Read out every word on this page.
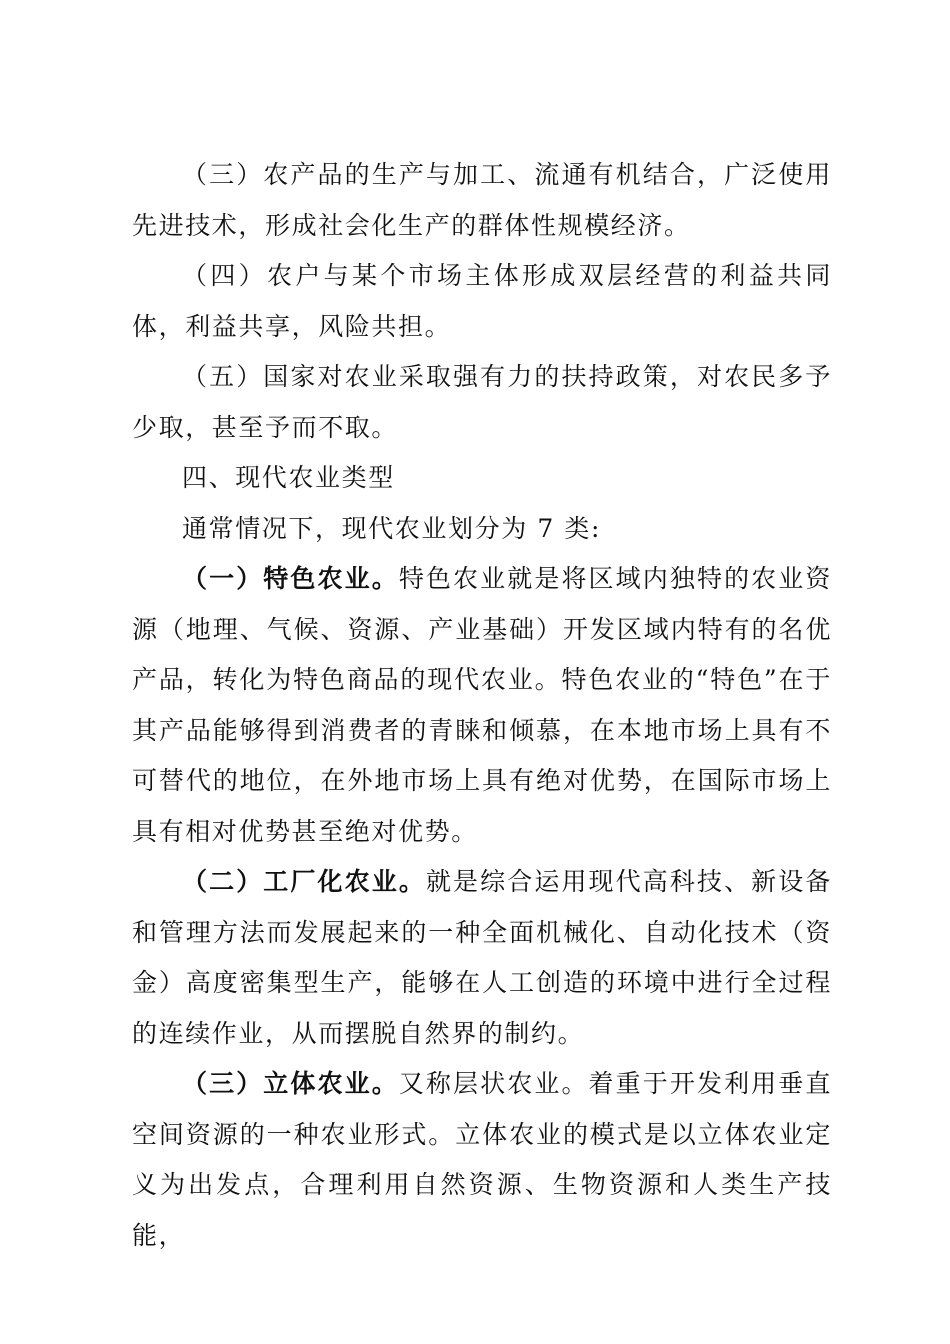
（三）农产品的生产与加工、流通有机结合，广泛使用先进技术，形成社会化生产的群体性规模经济。

（四）农户与某个市场主体形成双层经营的利益共同体，利益共享，风险共担。

（五）国家对农业采取强有力的扶持政策，对农民多予少取，甚至予而不取。

四、现代农业类型

通常情况下，现代农业划分为 7 类:

（一）特色农业。特色农业就是将区域内独特的农业资源（地理、气候、资源、产业基础）开发区域内特有的名优产品，转化为特色商品的现代农业。特色农业的“特色”在于其产品能够得到消费者的青睐和倾慕，在本地市场上具有不可替代的地位，在外地市场上具有绝对优势，在国际市场上具有相对优势甚至绝对优势。

（二）工厂化农业。就是综合运用现代高科技、新设备和管理方法而发展起来的一种全面机械化、自动化技术（资金）高度密集型生产，能够在人工创造的环境中进行全过程的连续作业，从而摆脱自然界的制约。

（三）立体农业。又称层状农业。着重于开发利用垂直空间资源的一种农业形式。立体农业的模式是以立体农业定义为出发点，合理利用自然资源、生物资源和人类生产技能，
